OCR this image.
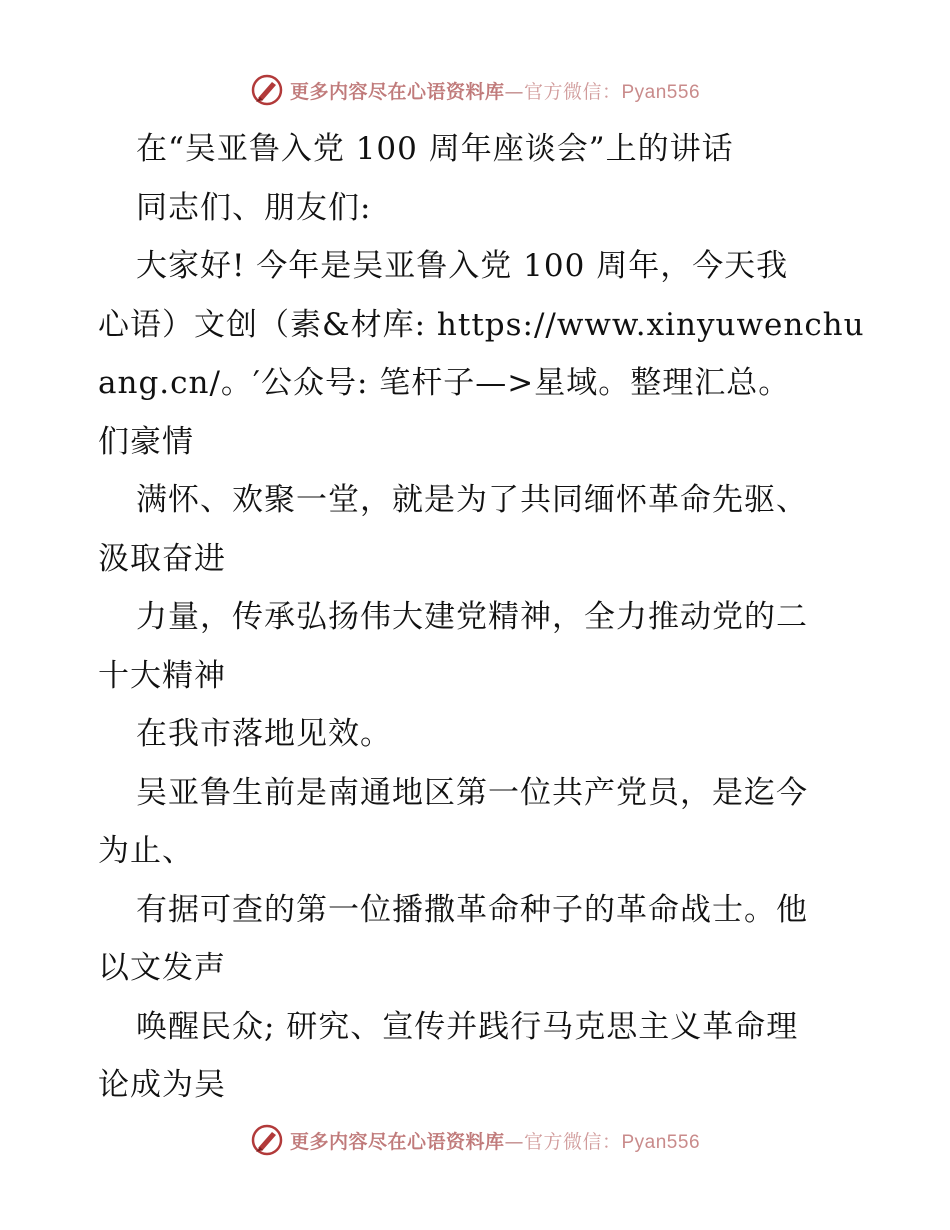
更多内容尽在心语资料库—官方微信：Pyan556
在“吴亚鲁入党 100 周年座谈会”上的讲话
同志们、朋友们:
大家好! 今年是吴亚鲁入党 100 周年，今天我
心语）文创（素&材库: https://www.xinyuwenchu
ang.cn/。′公众号: 笔杆子—>星域。整理汇总。
们豪情
满怀、欢聚一堂，就是为了共同缅怀革命先驱、
汲取奋进
力量，传承弘扬伟大建党精神，全力推动党的二
十大精神
在我市落地见效。
吴亚鲁生前是南通地区第一位共产党员，是迄今
为止、
有据可查的第一位播撒革命种子的革命战士。他
以文发声
唤醒民众; 研究、宣传并践行马克思主义革命理
论成为吴
更多内容尽在心语资料库—官方微信：Pyan556
